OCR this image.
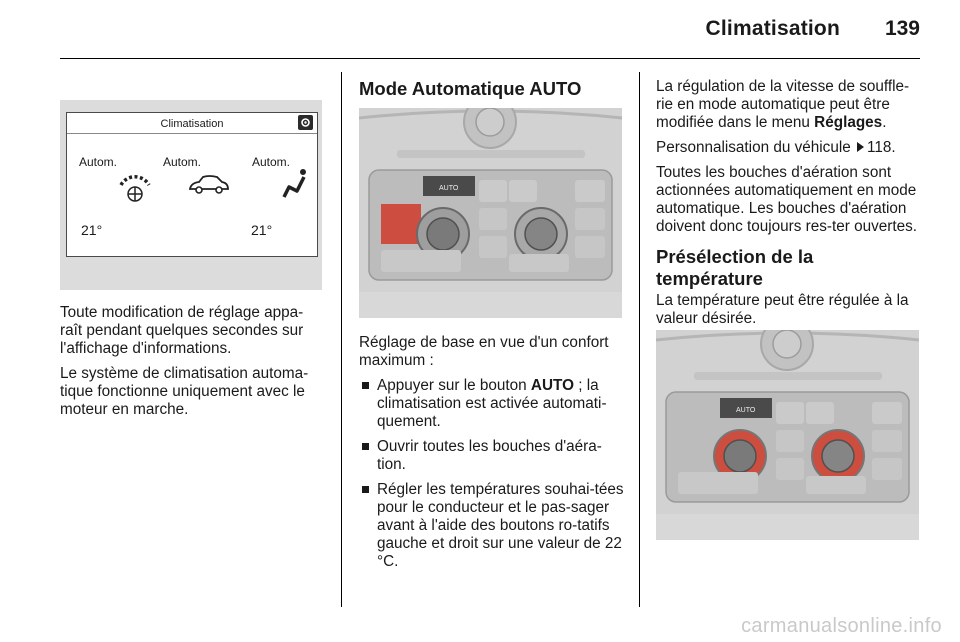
Climatisation 139
Climatisation
Autom.	Autom.	Autom.
21°	21°

Toute modification de réglage appa-raît pendant quelques secondes sur l'affichage d'informations.

Le système de climatisation automa-tique fonctionne uniquement avec le moteur en marche.

Mode Automatique AUTO
AUTO

Réglage de base en vue d'un confort maximum :

Appuyer sur le bouton AUTO ; la climatisation est activée automati-quement.
Ouvrir toutes les bouches d'aéra-tion.
Régler les températures souhai-tées pour le conducteur et le pas-sager avant à l'aide des boutons ro-tatifs gauche et droit sur une valeur de 22 °C.

La régulation de la vitesse de souffle-rie en mode automatique peut être modifiée dans le menu Réglages.

Personnalisation du véhicule 118.

Toutes les bouches d'aération sont actionnées automatiquement en mode automatique. Les bouches d'aération doivent donc toujours res-ter ouvertes.

Présélection de la température

La température peut être régulée à la valeur désirée.

AUTO
carmanualsonline.info
